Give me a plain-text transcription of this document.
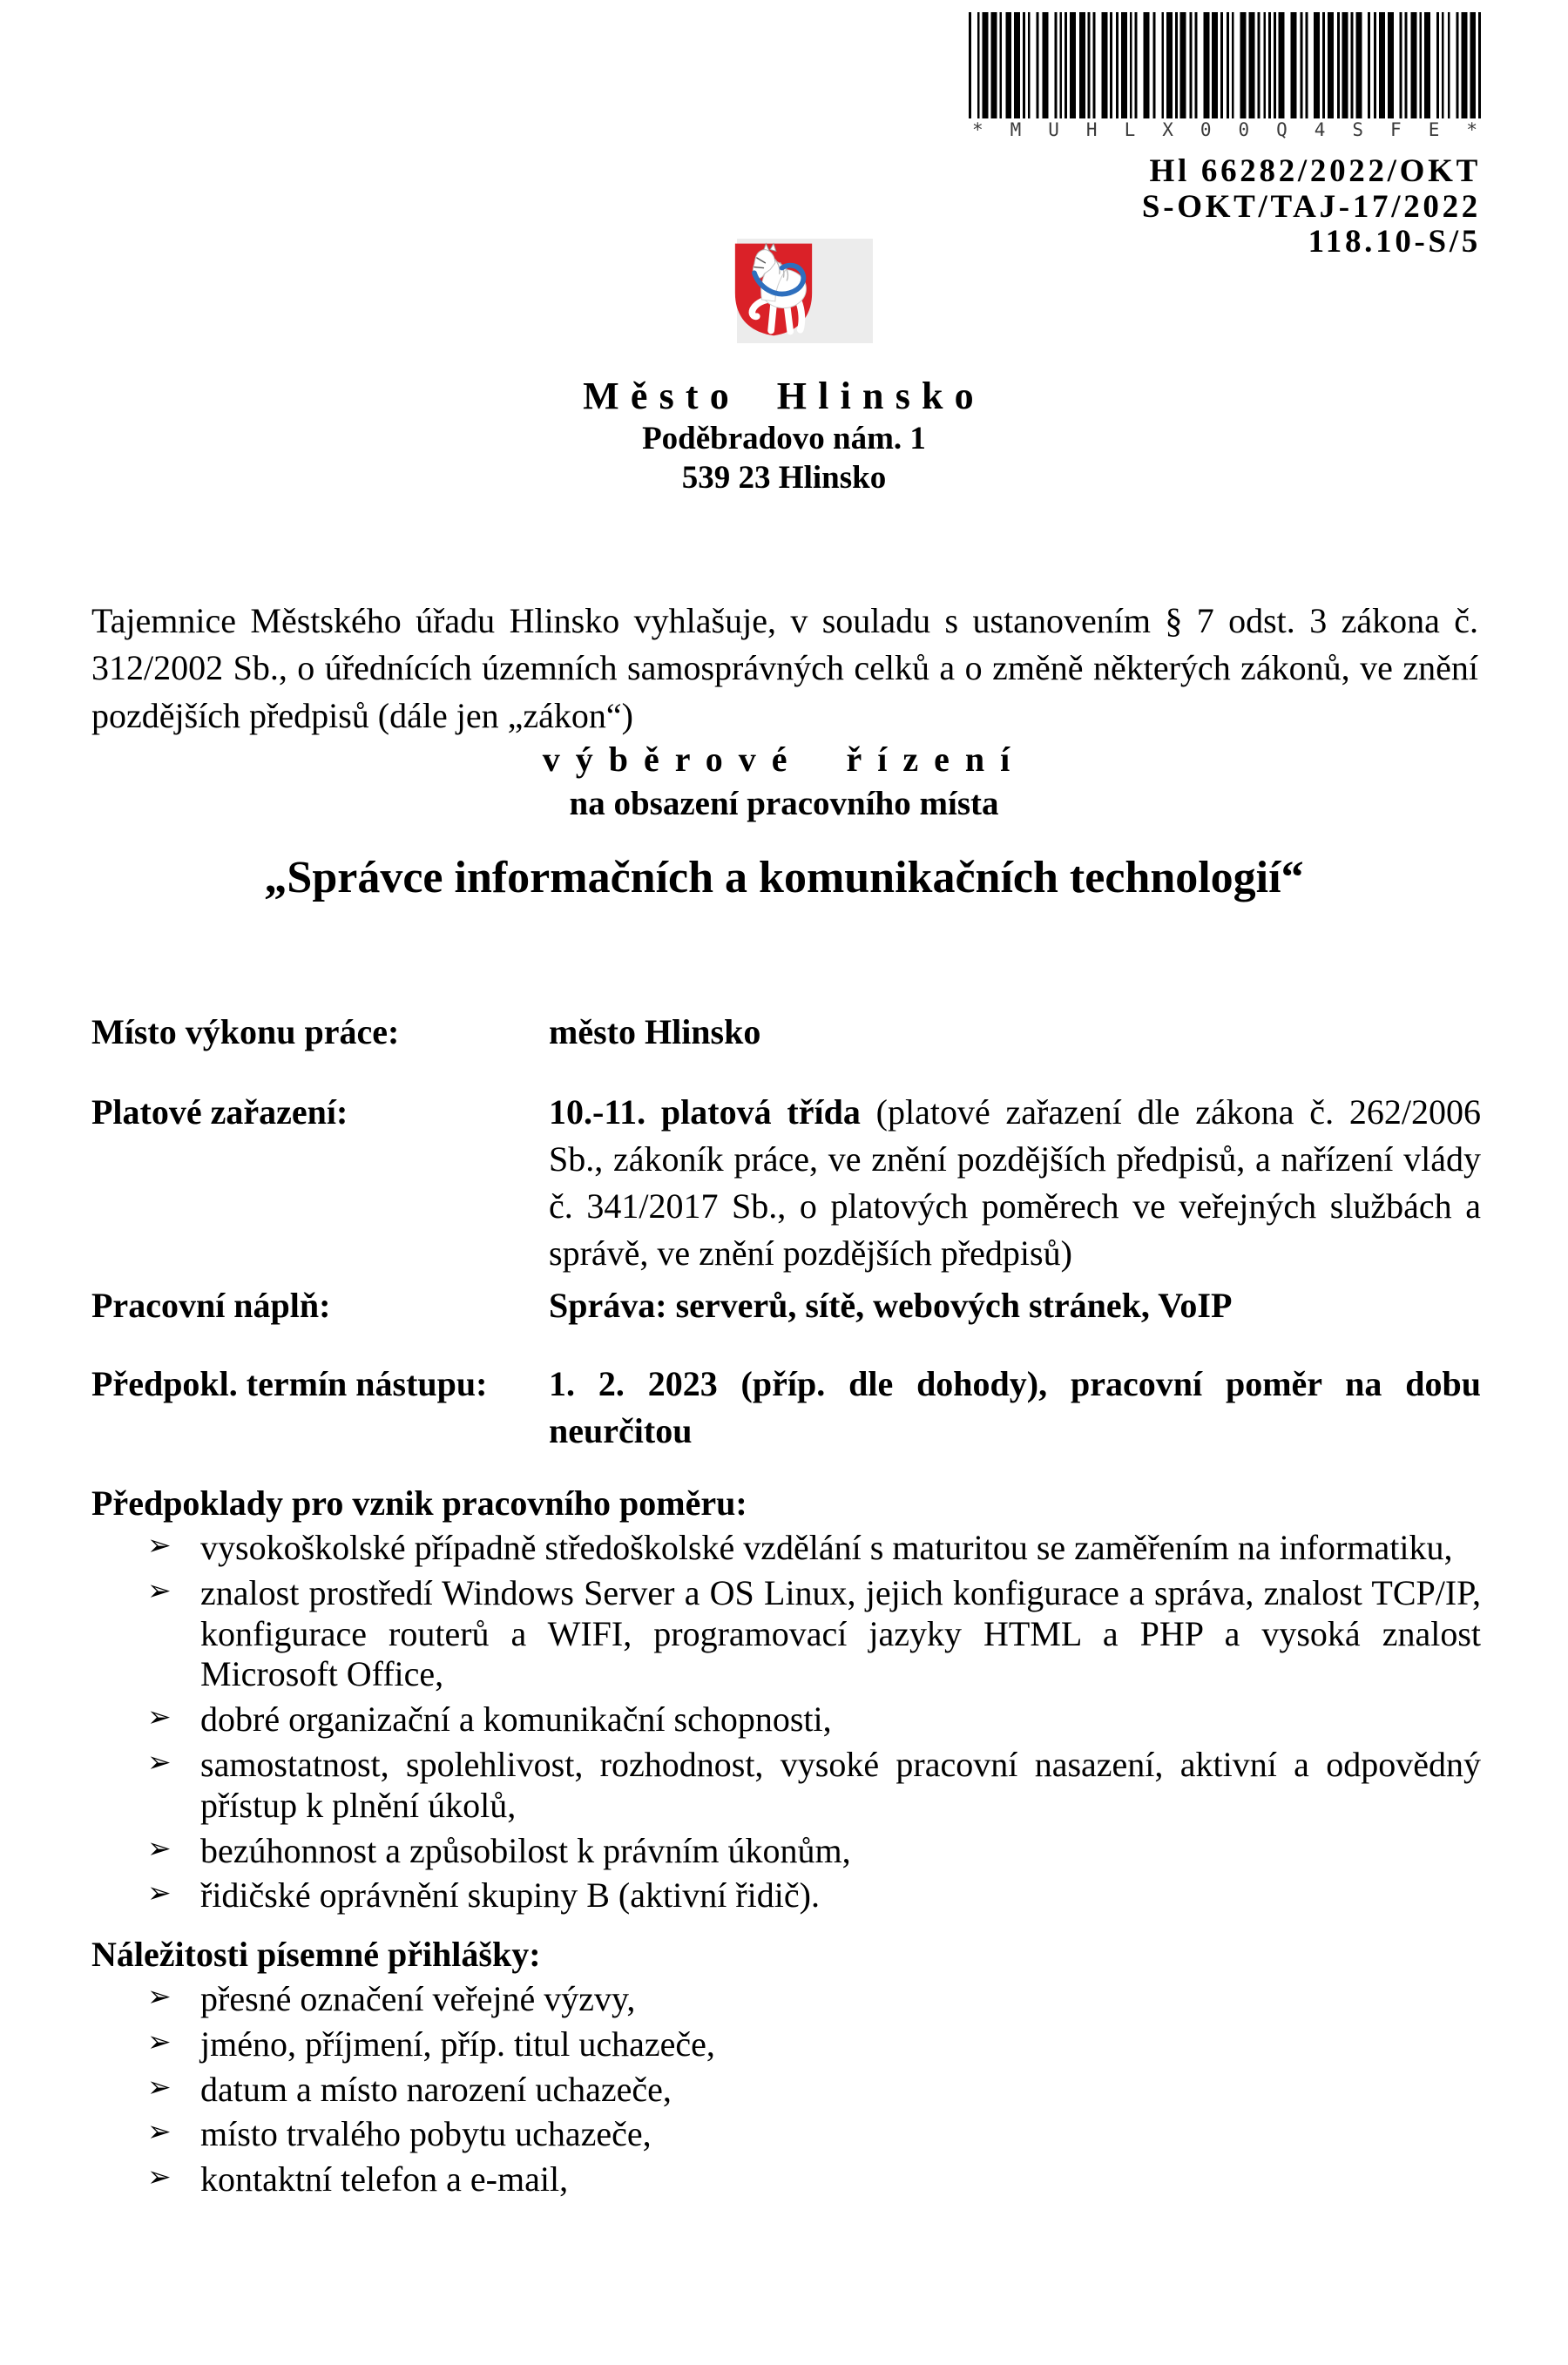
* M U H L X 0 0 Q 4 S F E *
Hl 66282/2022/OKT
S-OKT/TAJ-17/2022
118.10-S/5
Město Hlinsko
Poděbradovo nám. 1
539 23 Hlinsko

Tajemnice Městského úřadu Hlinsko vyhlašuje, v souladu s ustanovením § 7 odst. 3 zákona č. 312/2002 Sb., o úřednících územních samosprávných celků a o změně některých zákonů, ve znění pozdějších předpisů (dále jen „zákon“)

výběrové řízení
na obsazení pracovního místa
„Správce informačních a komunikačních technologií“
Místo výkonu práce:	město Hlinsko
Platové zařazení:	10.-11. platová třída (platové zařazení dle zákona č. 262/2006 Sb., zákoník práce, ve znění pozdějších předpisů, a nařízení vlády č. 341/2017 Sb., o platových poměrech ve veřejných službách a správě, ve znění pozdějších předpisů)
Pracovní náplň:	Správa: serverů, sítě, webových stránek, VoIP
Předpokl. termín nástupu:	1. 2. 2023 (příp. dle dohody), pracovní poměr na dobu neurčitou
Předpoklady pro vznik pracovního poměru:
➢ vysokoškolské případně středoškolské vzdělání s maturitou se zaměřením na informatiku,
➢ znalost prostředí Windows Server a OS Linux, jejich konfigurace a správa, znalost TCP/IP, konfigurace routerů a WIFI, programovací jazyky HTML a PHP a vysoká znalost Microsoft Office,
➢ dobré organizační a komunikační schopnosti,
➢ samostatnost, spolehlivost, rozhodnost, vysoké pracovní nasazení, aktivní a odpovědný přístup k plnění úkolů,
➢ bezúhonnost a způsobilost k právním úkonům,
➢ řidičské oprávnění skupiny B (aktivní řidič).
Náležitosti písemné přihlášky:
➢ přesné označení veřejné výzvy,
➢ jméno, příjmení, příp. titul uchazeče,
➢ datum a místo narození uchazeče,
➢ místo trvalého pobytu uchazeče,
➢ kontaktní telefon a e-mail,
